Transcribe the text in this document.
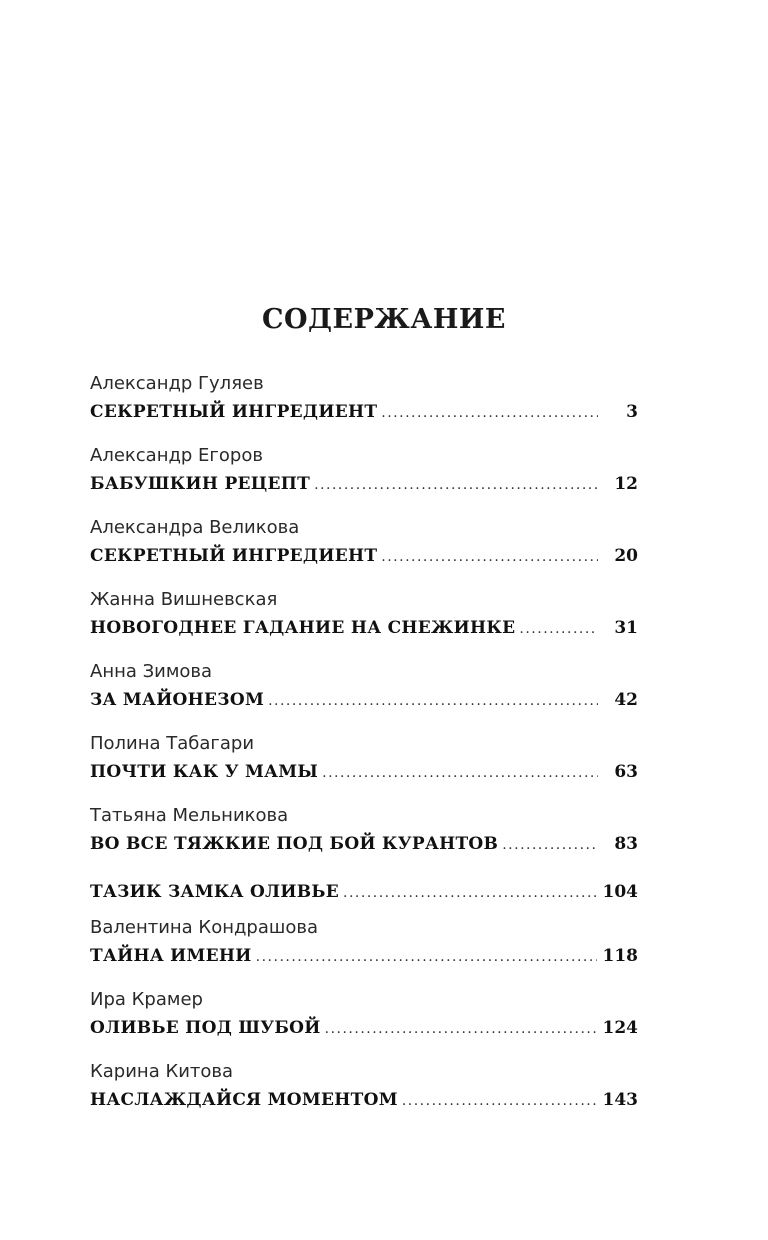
СОДЕРЖАНИЕ
Александр Гуляев
СЕКРЕТНЫЙ ИНГРЕДИЕНТ .....	3
Александр Егоров
БАБУШКИН РЕЦЕПТ .....	12
Александра Великова
СЕКРЕТНЫЙ ИНГРЕДИЕНТ .....	20
Жанна Вишневская
НОВОГОДНЕЕ ГАДАНИЕ НА СНЕЖИНКЕ .....	31
Анна Зимова
ЗА МАЙОНЕЗОМ .....	42
Полина Табагари
ПОЧТИ КАК У МАМЫ .....	63
Татьяна Мельникова
ВО ВСЕ ТЯЖКИЕ ПОД БОЙ КУРАНТОВ .....	83
ТАЗИК ЗАМКА ОЛИВЬЕ .....	104
Валентина Кондрашова
ТАЙНА ИМЕНИ .....	118
Ира Крамер
ОЛИВЬЕ ПОД ШУБОЙ .....	124
Карина Китова
НАСЛАЖДАЙСЯ МОМЕНТОМ .....	143
